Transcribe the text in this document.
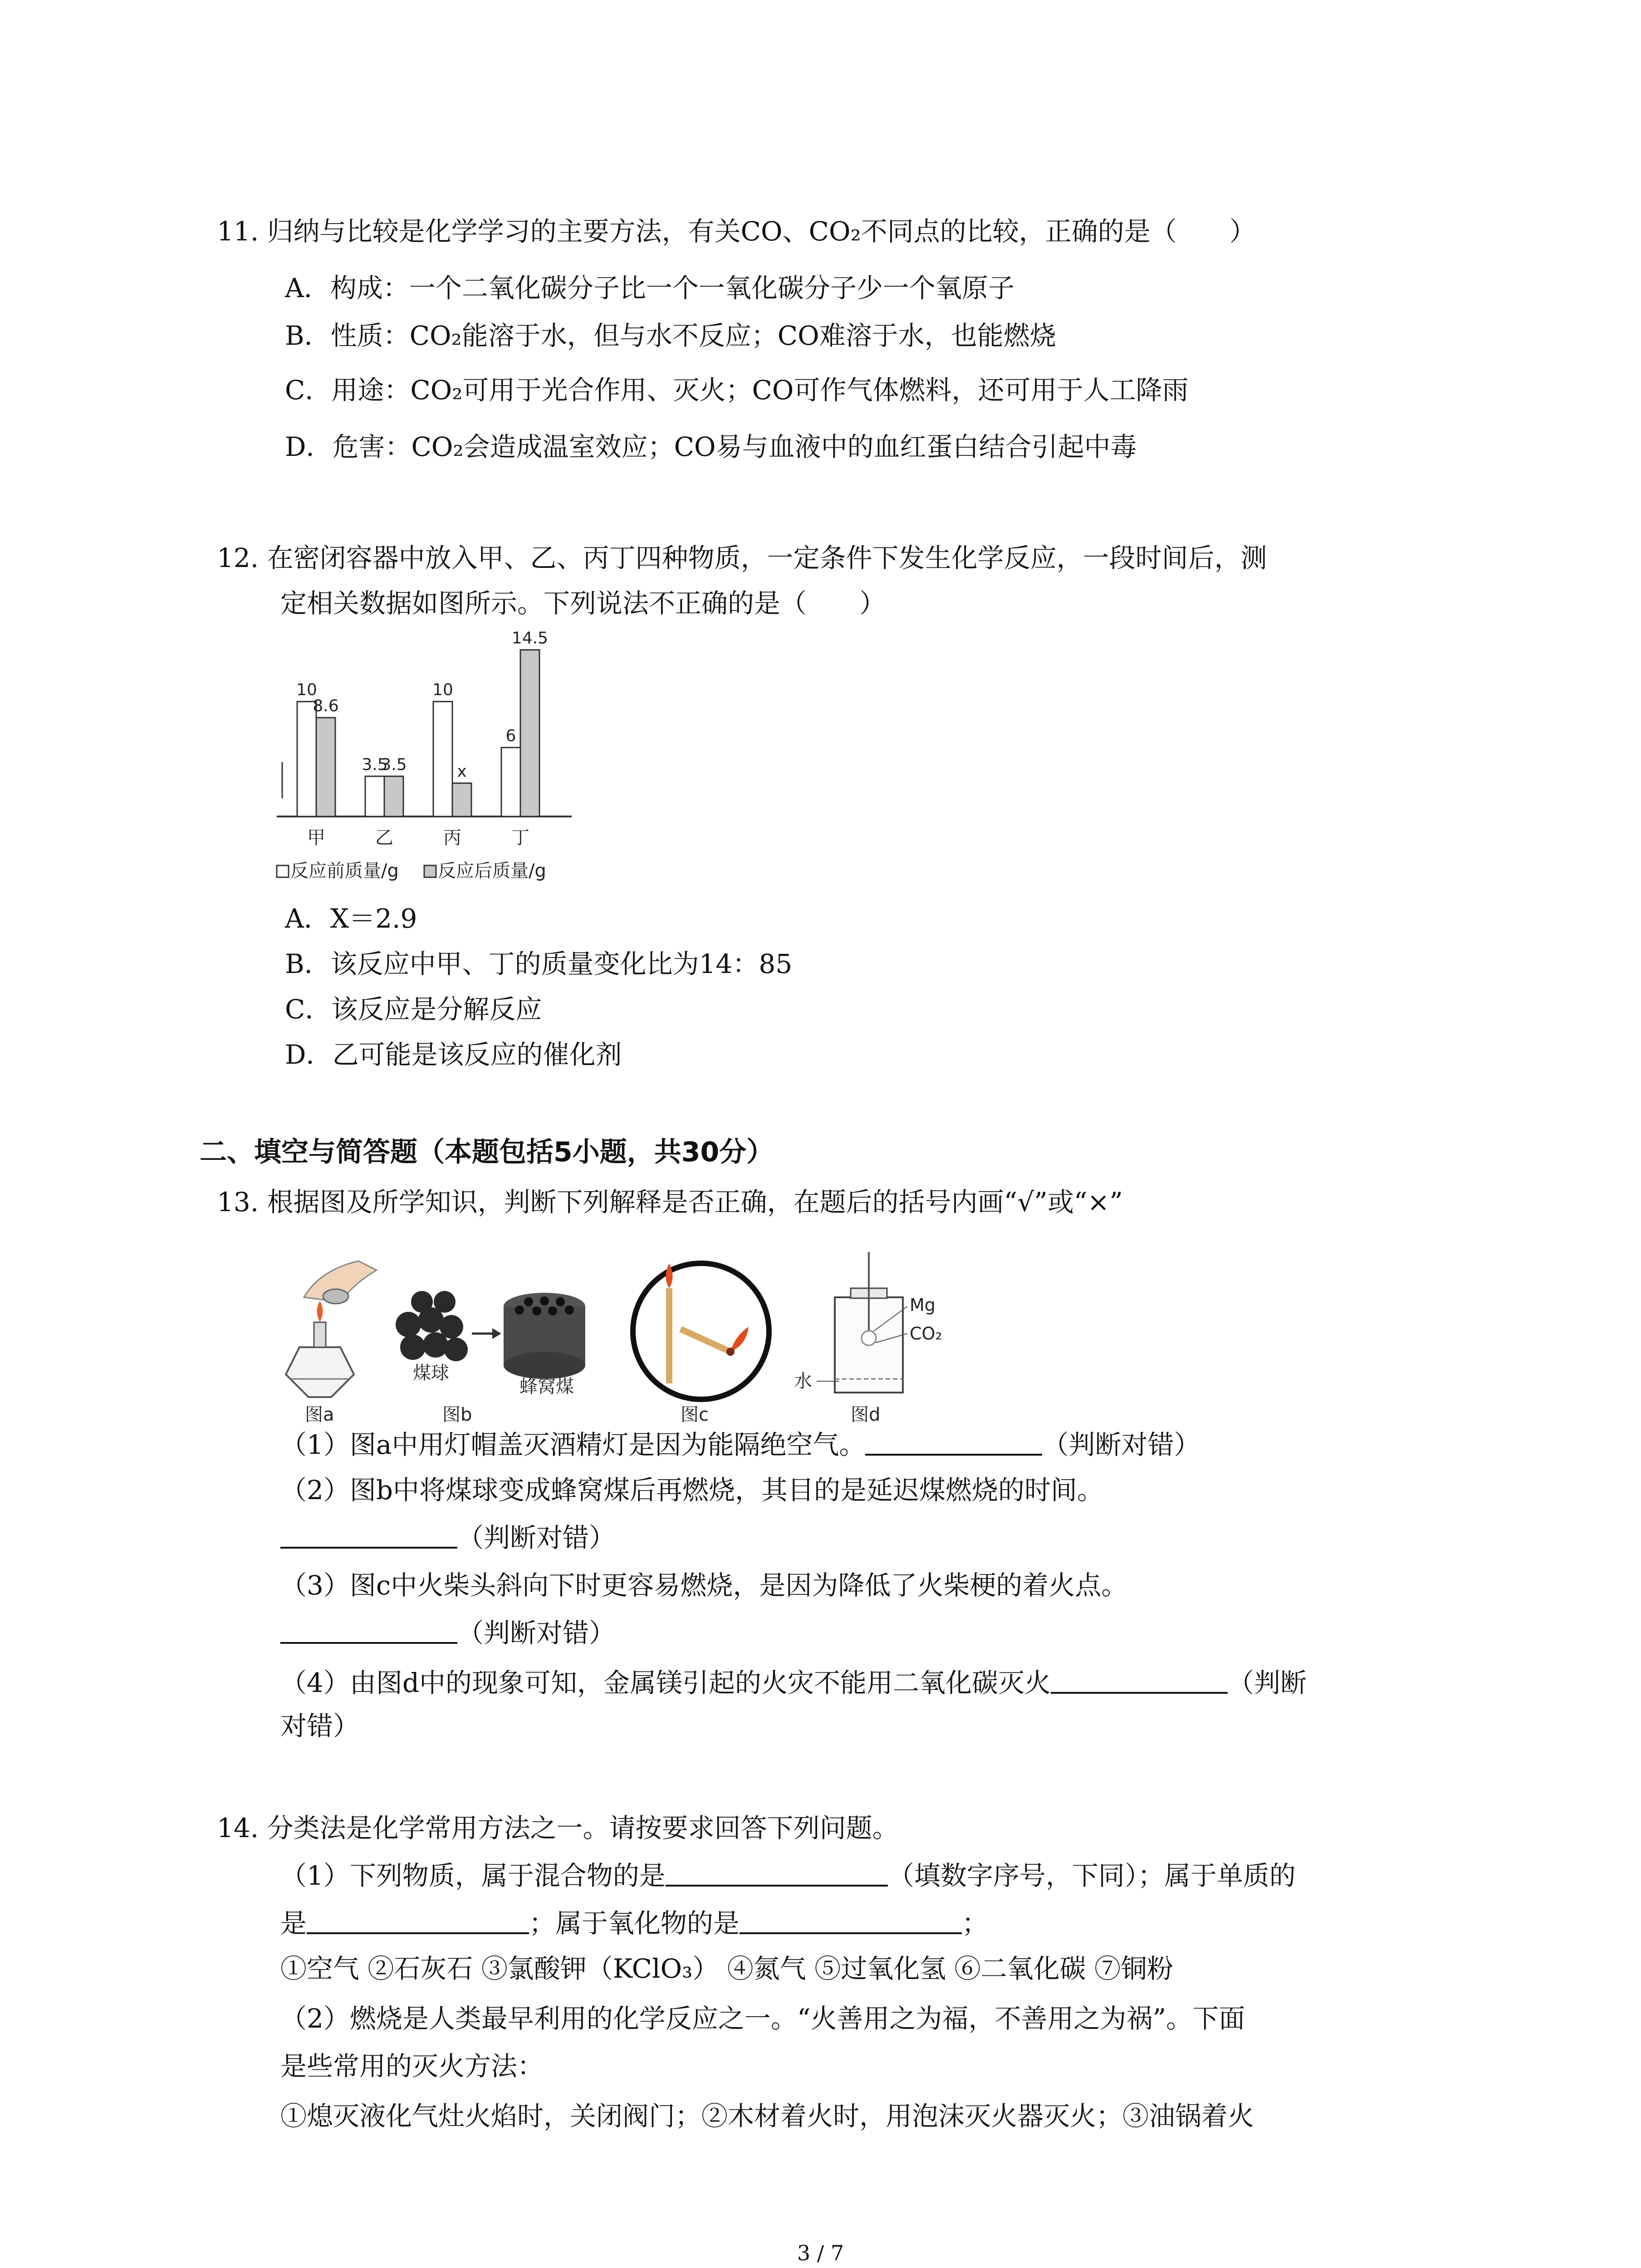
11. 归纳与比较是化学学习的主要方法，有关CO、CO₂不同点的比较，正确的是（　　）
A．构成：一个二氧化碳分子比一个一氧化碳分子少一个氧原子
B．性质：CO₂能溶于水，但与水不反应；CO难溶于水，也能燃烧
C．用途：CO₂可用于光合作用、灭火；CO可作气体燃料，还可用于人工降雨
D．危害：CO₂会造成温室效应；CO易与血液中的血红蛋白结合引起中毒
12. 在密闭容器中放入甲、乙、丙丁四种物质，一定条件下发生化学反应，一段时间后，测
定相关数据如图所示。下列说法不正确的是（　　）
10
8.6
3.5
3.5
10
x
6
14.5
甲	乙	丙	丁
反应前质量/g 反应后质量/g
A．X＝2.9
B．该反应中甲、丁的质量变化比为14：85
C．该反应是分解反应
D．乙可能是该反应的催化剂
二、填空与简答题（本题包括5小题，共30分）
13. 根据图及所学知识，判断下列解释是否正确，在题后的括号内画“√”或“×”
图a
煤球
蜂窝煤
图b	图c
Mg
CO₂
水
图d
（1）图a中用灯帽盖灭酒精灯是因为能隔绝空气。	（判断对错）
（2）图b中将煤球变成蜂窝煤后再燃烧，其目的是延迟煤燃烧的时间。
（判断对错）
（3）图c中火柴头斜向下时更容易燃烧，是因为降低了火柴梗的着火点。
（判断对错）
（4）由图d中的现象可知，金属镁引起的火灾不能用二氧化碳灭火	（判断
对错）
14. 分类法是化学常用方法之一。请按要求回答下列问题。
（1）下列物质，属于混合物的是	（填数字序号，下同）；属于单质的
是	；属于氧化物的是	；
①空气 ②石灰石 ③氯酸钾（KClO₃） ④氮气 ⑤过氧化氢 ⑥二氧化碳 ⑦铜粉
（2）燃烧是人类最早利用的化学反应之一。“火善用之为福，不善用之为祸”。下面
是些常用的灭火方法：
①熄灭液化气灶火焰时，关闭阀门；②木材着火时，用泡沫灭火器灭火；③油锅着火
3 / 7
